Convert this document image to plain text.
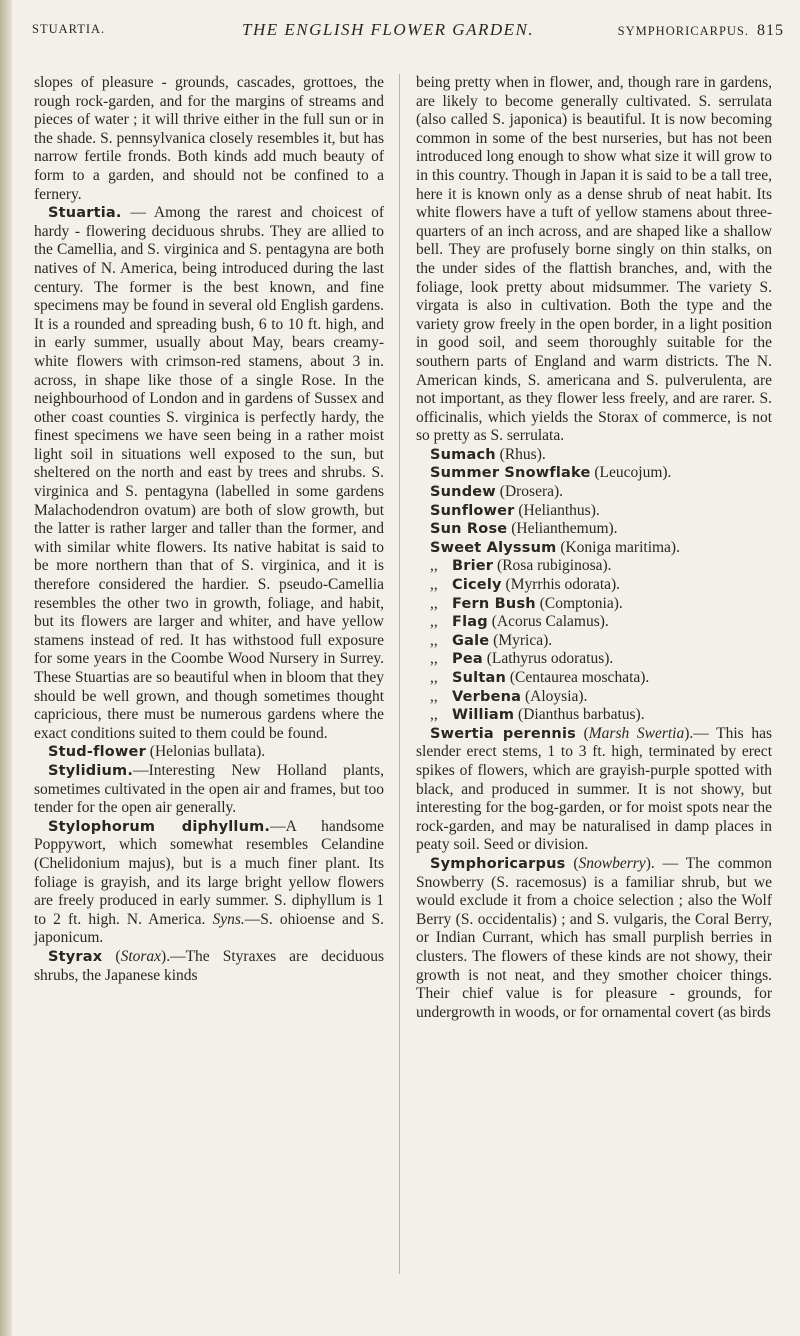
STUARTIA.	THE ENGLISH FLOWER GARDEN.	SYMPHORICARPUS. 815

slopes of pleasure - grounds, cascades, grottoes, the rough rock-garden, and for the margins of streams and pieces of water ; it will thrive either in the full sun or in the shade. S. pennsylvanica closely resembles it, but has narrow fertile fronds. Both kinds add much beauty of form to a garden, and should not be confined to a fernery.

Stuartia. — Among the rarest and choicest of hardy - flowering deciduous shrubs. They are allied to the Camellia, and S. virginica and S. pentagyna are both natives of N. America, being introduced during the last century. The former is the best known, and fine specimens may be found in several old English gardens. It is a rounded and spreading bush, 6 to 10 ft. high, and in early summer, usually about May, bears creamy-white flowers with crimson-red stamens, about 3 in. across, in shape like those of a single Rose. In the neighbourhood of London and in gardens of Sussex and other coast counties S. virginica is perfectly hardy, the finest specimens we have seen being in a rather moist light soil in situations well exposed to the sun, but sheltered on the north and east by trees and shrubs. S. virginica and S. pentagyna (labelled in some gardens Malachodendron ovatum) are both of slow growth, but the latter is rather larger and taller than the former, and with similar white flowers. Its native habitat is said to be more northern than that of S. virginica, and it is therefore considered the hardier. S. pseudo-Camellia resembles the other two in growth, foliage, and habit, but its flowers are larger and whiter, and have yellow stamens instead of red. It has withstood full exposure for some years in the Coombe Wood Nursery in Surrey. These Stuartias are so beautiful when in bloom that they should be well grown, and though sometimes thought capricious, there must be numerous gardens where the exact conditions suited to them could be found.

Stud-flower (Helonias bullata).

Stylidium.—Interesting New Holland plants, sometimes cultivated in the open air and frames, but too tender for the open air generally.

Stylophorum diphyllum.—A handsome Poppywort, which somewhat resembles Celandine (Chelidonium majus), but is a much finer plant. Its foliage is grayish, and its large bright yellow flowers are freely produced in early summer. S. diphyllum is 1 to 2 ft. high. N. America. Syns.—S. ohioense and S. japonicum.

Styrax (Storax).—The Styraxes are deciduous shrubs, the Japanese kinds

being pretty when in flower, and, though rare in gardens, are likely to become generally cultivated. S. serrulata (also called S. japonica) is beautiful. It is now becoming common in some of the best nurseries, but has not been introduced long enough to show what size it will grow to in this country. Though in Japan it is said to be a tall tree, here it is known only as a dense shrub of neat habit. Its white flowers have a tuft of yellow stamens about three-quarters of an inch across, and are shaped like a shallow bell. They are profusely borne singly on thin stalks, on the under sides of the flattish branches, and, with the foliage, look pretty about midsummer. The variety S. virgata is also in cultivation. Both the type and the variety grow freely in the open border, in a light position in good soil, and seem thoroughly suitable for the southern parts of England and warm districts. The N. American kinds, S. americana and S. pulverulenta, are not important, as they flower less freely, and are rarer. S. officinalis, which yields the Storax of commerce, is not so pretty as S. serrulata.

Sumach (Rhus).
Summer Snowflake (Leucojum).
Sundew (Drosera).
Sunflower (Helianthus).
Sun Rose (Helianthemum).
Sweet Alyssum (Koniga maritima).
,, Brier (Rosa rubiginosa).
,, Cicely (Myrrhis odorata).
,, Fern Bush (Comptonia).
,, Flag (Acorus Calamus).
,, Gale (Myrica).
,, Pea (Lathyrus odoratus).
,, Sultan (Centaurea moschata).
,, Verbena (Aloysia).
,, William (Dianthus barbatus).

Swertia perennis (Marsh Swertia).— This has slender erect stems, 1 to 3 ft. high, terminated by erect spikes of flowers, which are grayish-purple spotted with black, and produced in summer. It is not showy, but interesting for the bog-garden, or for moist spots near the rock-garden, and may be naturalised in damp places in peaty soil. Seed or division.

Symphoricarpus (Snowberry). — The common Snowberry (S. racemosus) is a familiar shrub, but we would exclude it from a choice selection ; also the Wolf Berry (S. occidentalis) ; and S. vulgaris, the Coral Berry, or Indian Currant, which has small purplish berries in clusters. The flowers of these kinds are not showy, their growth is not neat, and they smother choicer things. Their chief value is for pleasure - grounds, for undergrowth in woods, or for ornamental covert (as birds
